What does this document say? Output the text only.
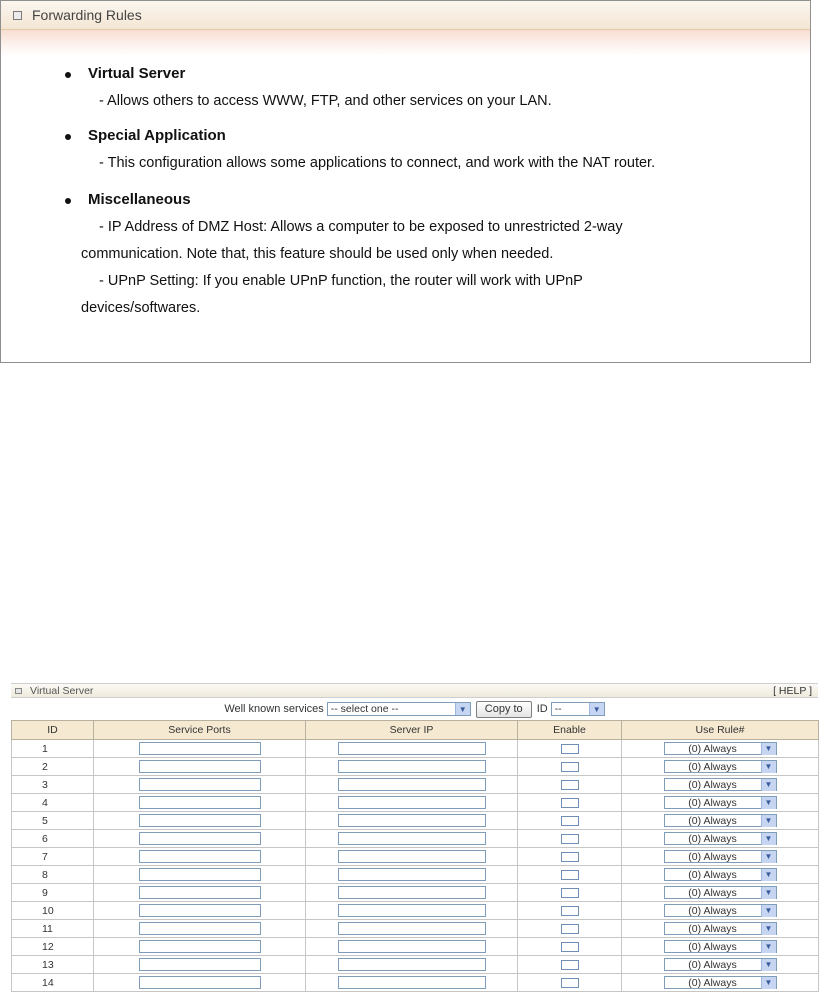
Forwarding Rules
Virtual Server
- Allows others to access WWW, FTP, and other services on your LAN.
Special Application
- This configuration allows some applications to connect, and work with the NAT router.
Miscellaneous
- IP Address of DMZ Host: Allows a computer to be exposed to unrestricted 2-way
communication. Note that, this feature should be used only when needed.
- UPnP Setting: If you enable UPnP function, the router will work with UPnP
devices/softwares.
Virtual Server	[ HELP ]
Well known services -- select one --	▼	Copy to	ID --	▼
ID	Service Ports	Server IP	Enable	Use Rule#
1				(0) Always ▼

2				(0) Always ▼

3				(0) Always ▼

4				(0) Always ▼

5				(0) Always ▼

6				(0) Always ▼

7				(0) Always ▼

8				(0) Always ▼

9				(0) Always ▼

10				(0) Always ▼

11				(0) Always ▼

12				(0) Always ▼

13				(0) Always ▼

14				(0) Always ▼
